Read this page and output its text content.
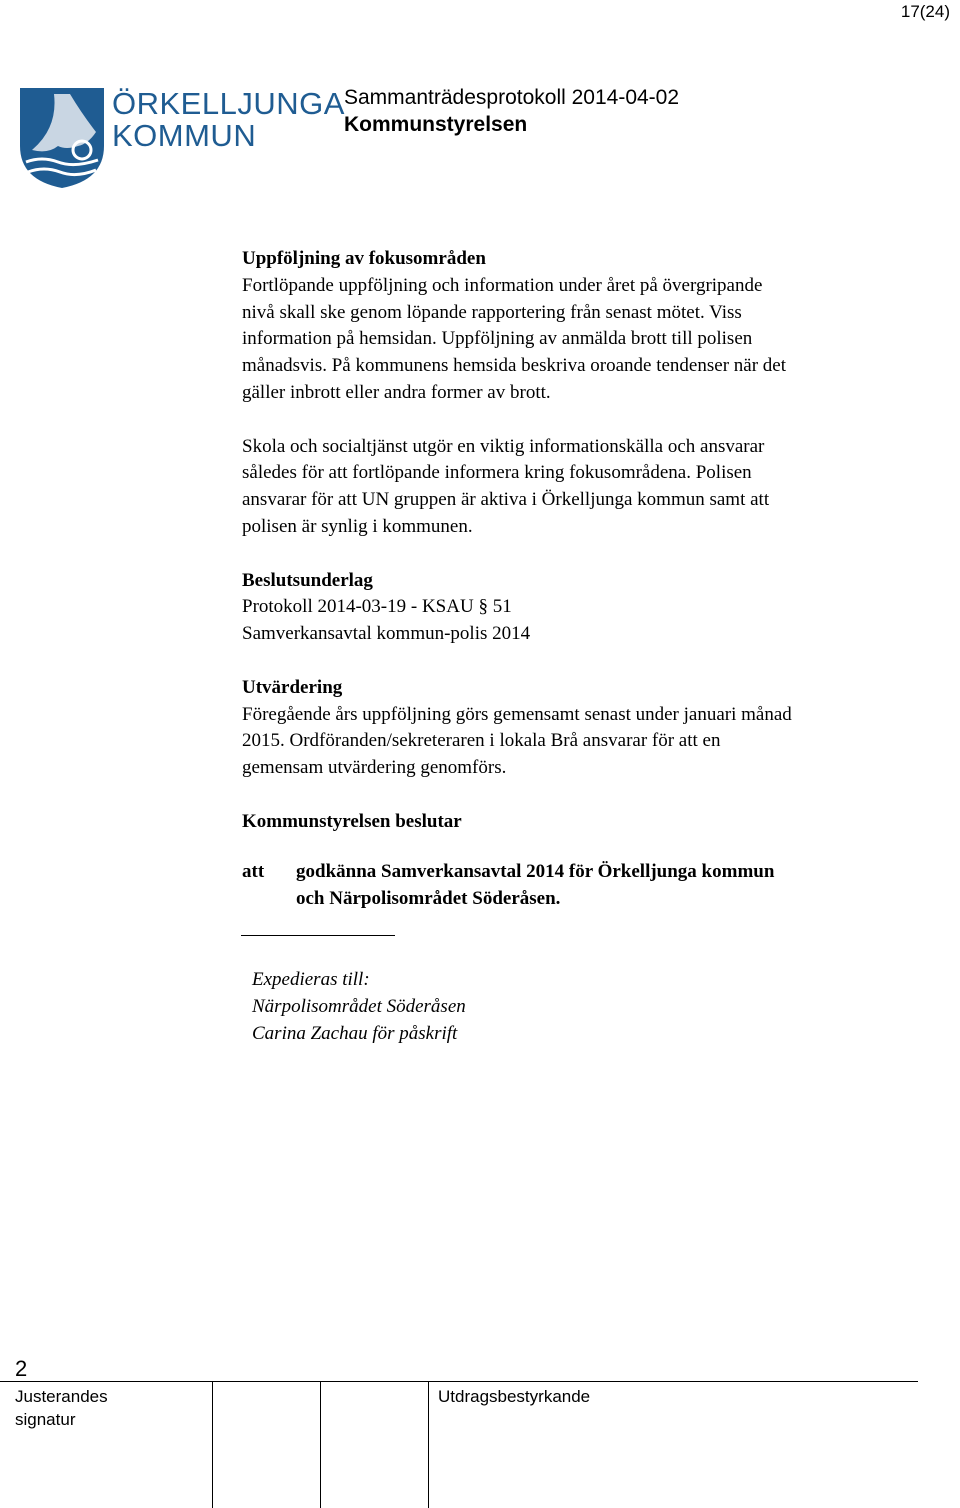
17(24)
ÖRKELLJUNGA
KOMMUN
Sammanträdesprotokoll 2014-04-02
Kommunstyrelsen

Uppföljning av fokusområden

Fortlöpande uppföljning och information under året på övergripande

nivå skall ske genom löpande rapportering från senast mötet. Viss

information på hemsidan. Uppföljning av anmälda brott till polisen

månadsvis. På kommunens hemsida beskriva oroande tendenser när det

gäller inbrott eller andra former av brott.

Skola och socialtjänst utgör en viktig informationskälla och ansvarar

således för att fortlöpande informera kring fokusområdena. Polisen

ansvarar för att UN gruppen är aktiva i Örkelljunga kommun samt att

polisen är synlig i kommunen.

Beslutsunderlag

Protokoll 2014-03-19 - KSAU § 51

Samverkansavtal kommun-polis 2014

Utvärdering

Föregående års uppföljning görs gemensamt senast under januari månad

2015. Ordföranden/sekreteraren i lokala Brå ansvarar för att en

gemensam utvärdering genomförs.

Kommunstyrelsen beslutar

att godkänna Samverkansavtal 2014 för Örkelljunga kommun
och Närpolisområdet Söderåsen.
Expedieras till:
Närpolisområdet Söderåsen
Carina Zachau för påskrift
2
Justerandes
signatur
Utdragsbestyrkande
